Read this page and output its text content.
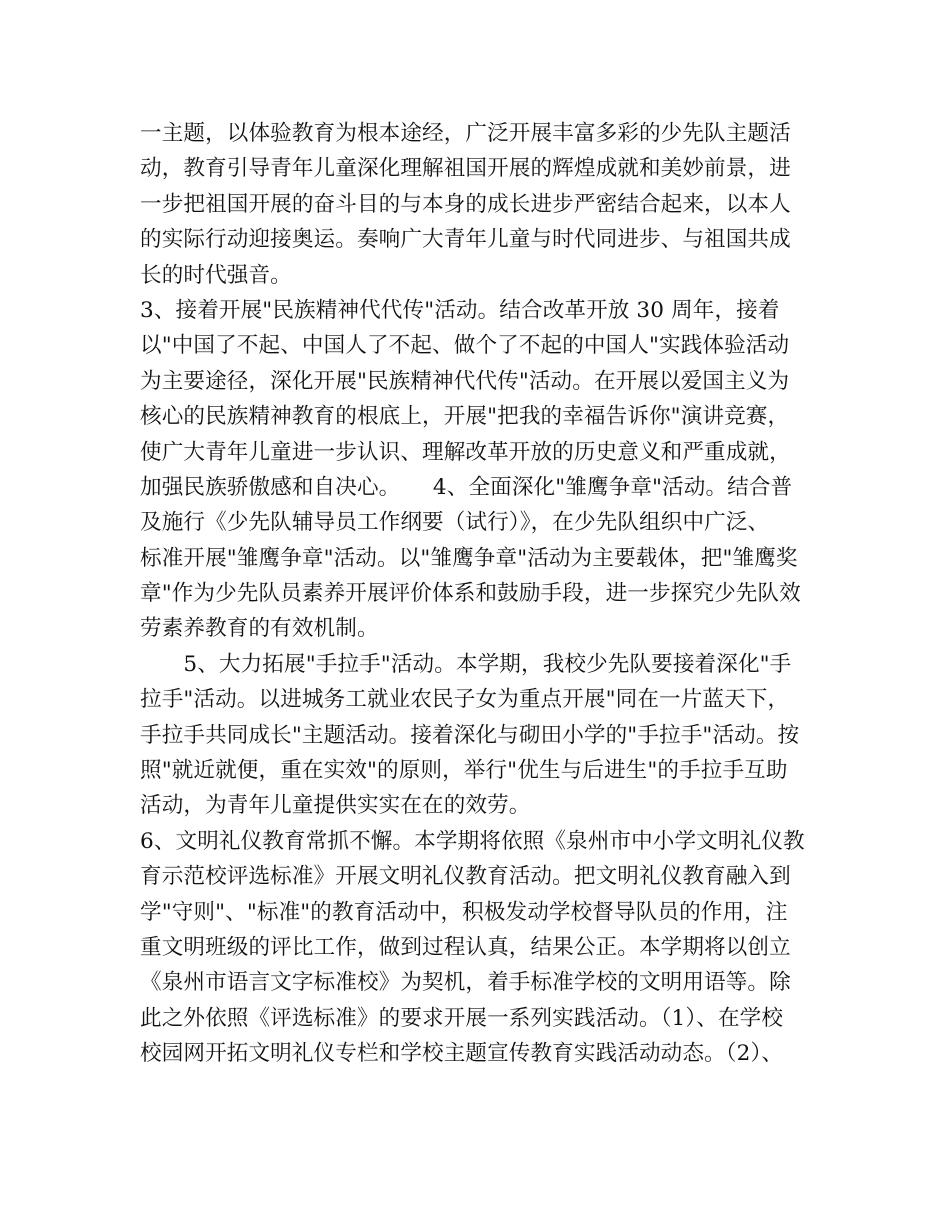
一主题，以体验教育为根本途经，广泛开展丰富多彩的少先队主题活
动，教育引导青年儿童深化理解祖国开展的辉煌成就和美妙前景，进
一步把祖国开展的奋斗目的与本身的成长进步严密结合起来，以本人
的实际行动迎接奥运。奏响广大青年儿童与时代同进步、与祖国共成
长的时代强音。
3、接着开展"民族精神代代传"活动。结合改革开放 30 周年，接着
以"中国了不起、中国人了不起、做个了不起的中国人"实践体验活动
为主要途径，深化开展"民族精神代代传"活动。在开展以爱国主义为
核心的民族精神教育的根底上，开展"把我的幸福告诉你"演讲竞赛，
使广大青年儿童进一步认识、理解改革开放的历史意义和严重成就，
加强民族骄傲感和自决心。　　4、全面深化"雏鹰争章"活动。结合普
及施行《少先队辅导员工作纲要（试行）》，在少先队组织中广泛、
标准开展"雏鹰争章"活动。以"雏鹰争章"活动为主要载体，把"雏鹰奖
章"作为少先队员素养开展评价体系和鼓励手段，进一步探究少先队效
劳素养教育的有效机制。
　　5、大力拓展"手拉手"活动。本学期，我校少先队要接着深化"手
拉手"活动。以进城务工就业农民子女为重点开展"同在一片蓝天下，
手拉手共同成长"主题活动。接着深化与砌田小学的"手拉手"活动。按
照"就近就便，重在实效"的原则，举行"优生与后进生"的手拉手互助
活动，为青年儿童提供实实在在的效劳。
6、文明礼仪教育常抓不懈。本学期将依照《泉州市中小学文明礼仪教
育示范校评选标准》开展文明礼仪教育活动。把文明礼仪教育融入到
学"守则"、"标准"的教育活动中，积极发动学校督导队员的作用，注
重文明班级的评比工作，做到过程认真，结果公正。本学期将以创立
《泉州市语言文字标准校》为契机，着手标准学校的文明用语等。除
此之外依照《评选标准》的要求开展一系列实践活动。（1）、在学校
校园网开拓文明礼仪专栏和学校主题宣传教育实践活动动态。（2）、
